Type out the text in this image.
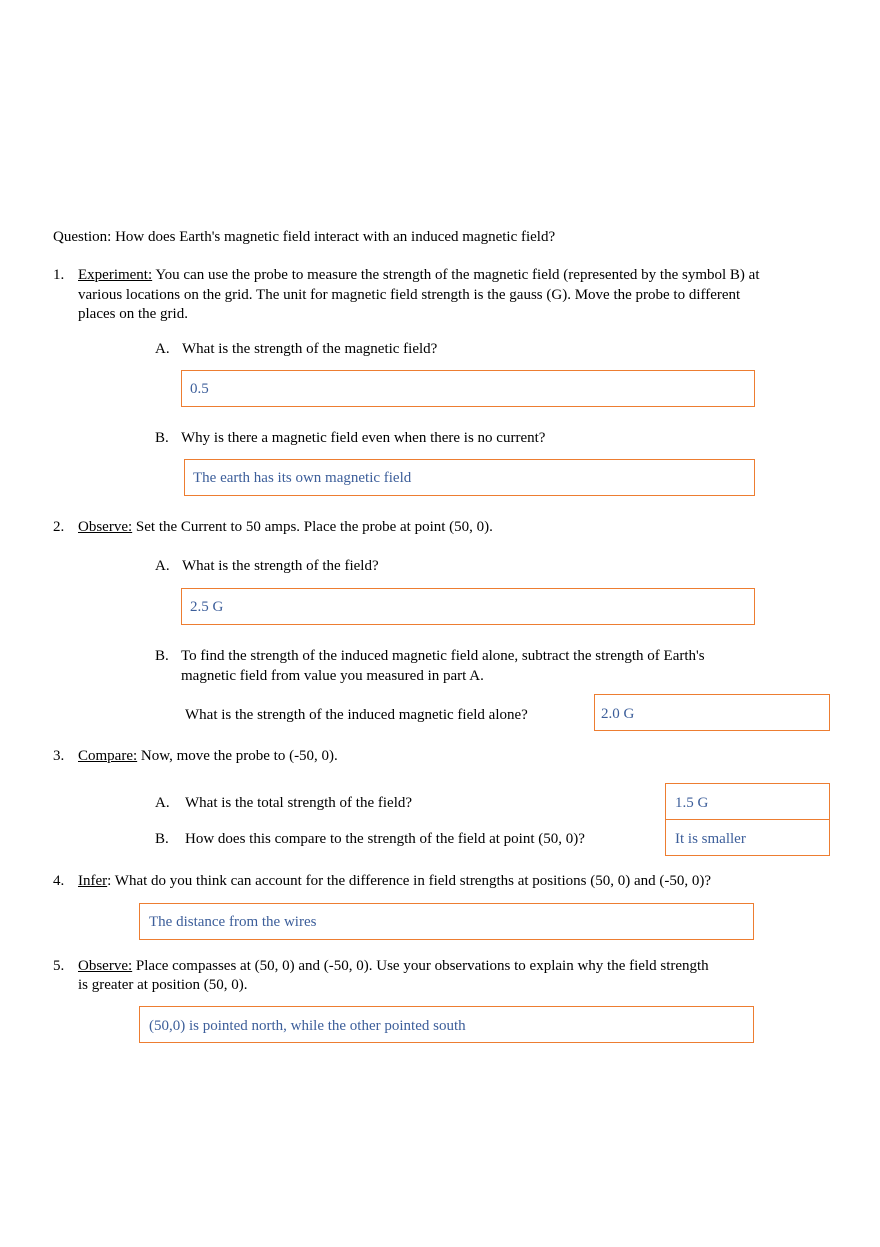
Question: How does Earth's magnetic field interact with an induced magnetic field?
1. Experiment: You can use the probe to measure the strength of the magnetic field (represented by the symbol B) at various locations on the grid. The unit for magnetic field strength is the gauss (G). Move the probe to different places on the grid.
A. What is the strength of the magnetic field?
0.5
B. Why is there a magnetic field even when there is no current?
The earth has its own magnetic field
2. Observe: Set the Current to 50 amps. Place the probe at point (50, 0).
A. What is the strength of the field?
2.5 G
B. To find the strength of the induced magnetic field alone, subtract the strength of Earth's
magnetic field from value you measured in part A.
What is the strength of the induced magnetic field alone?	2.0 G
3. Compare: Now, move the probe to (-50, 0).
A. What is the total strength of the field?	1.5 G
B. How does this compare to the strength of the field at point (50, 0)?	It is smaller
4. Infer: What do you think can account for the difference in field strengths at positions (50, 0) and (-50, 0)?
The distance from the wires
5. Observe: Place compasses at (50, 0) and (-50, 0). Use your observations to explain why the field strength
is greater at position (50, 0).
(50,0) is pointed north, while the other pointed south
